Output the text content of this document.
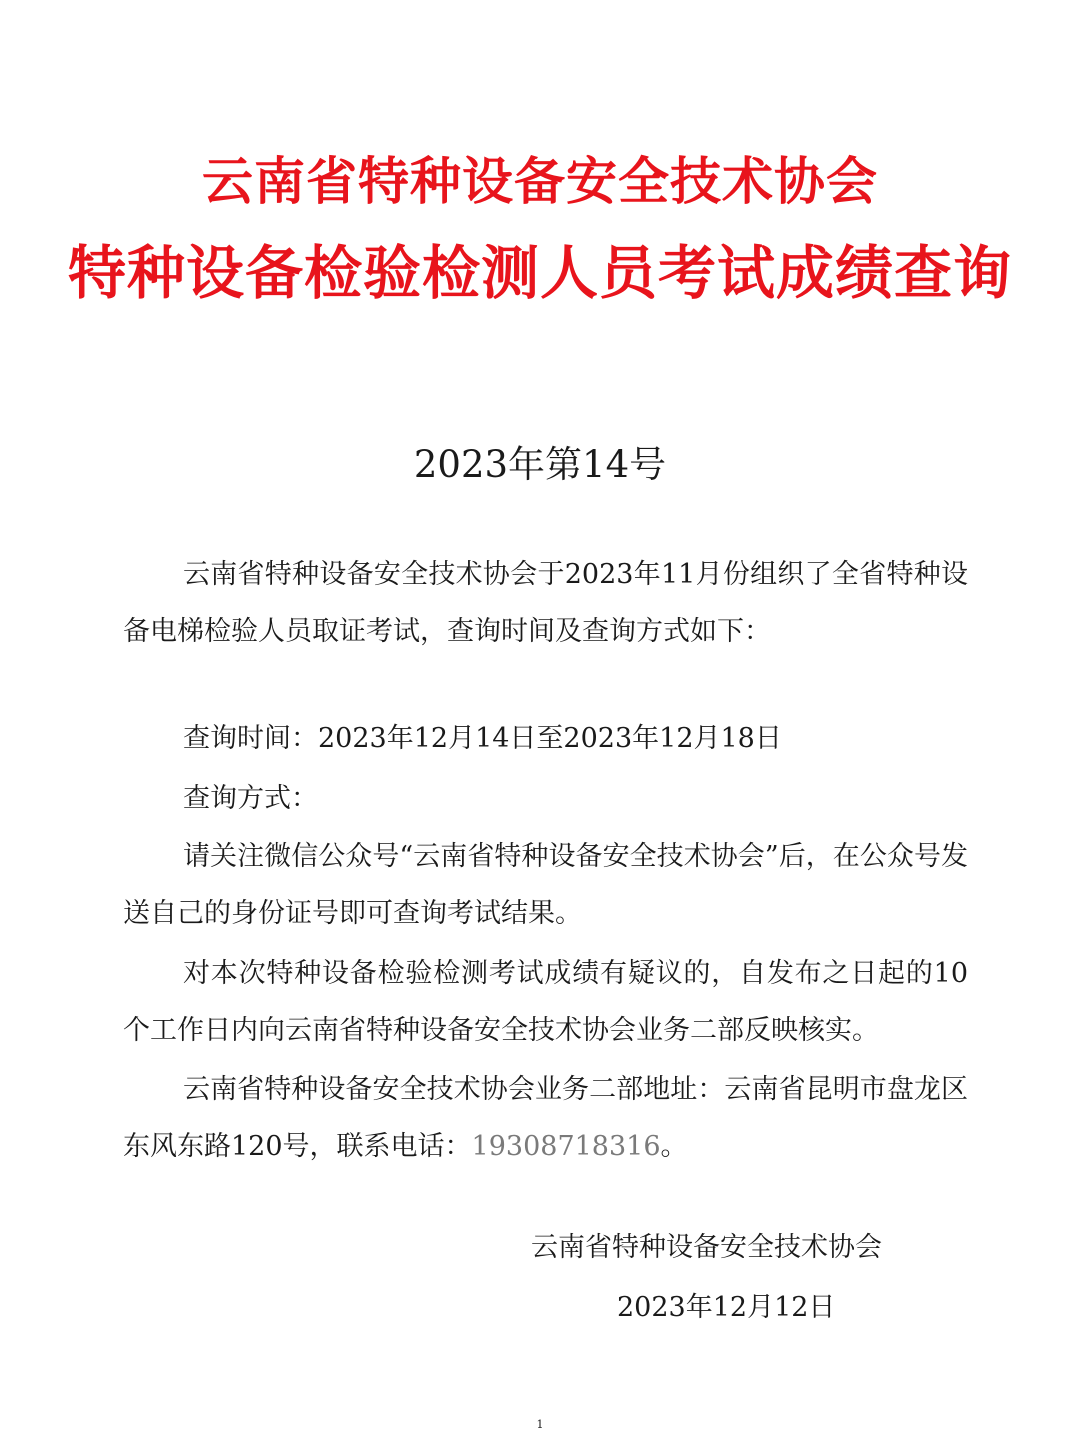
云南省特种设备安全技术协会
特种设备检验检测人员考试成绩查询
2023年第14号

云南省特种设备安全技术协会于2023年11月份组织了全省特种设备电梯检验人员取证考试，查询时间及查询方式如下：

查询时间：2023年12月14日至2023年12月18日

查询方式：

请关注微信公众号“云南省特种设备安全技术协会”后，在公众号发送自己的身份证号即可查询考试结果。

对本次特种设备检验检测考试成绩有疑议的，自发布之日起的10个工作日内向云南省特种设备安全技术协会业务二部反映核实。

云南省特种设备安全技术协会业务二部地址：云南省昆明市盘龙区东风东路120号，联系电话：19308718316。

云南省特种设备安全技术协会
2023年12月12日
1
